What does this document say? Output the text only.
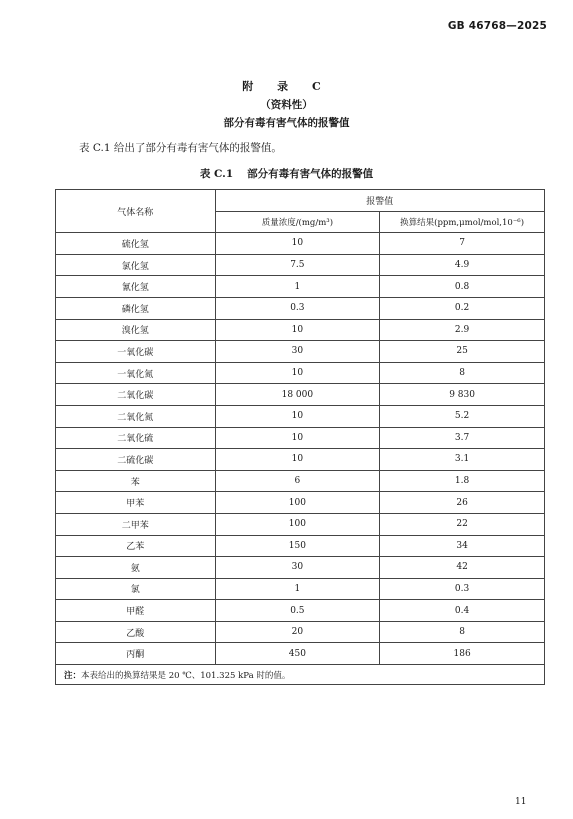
GB 46768—2025
附 录 C
（资料性）
部分有毒有害气体的报警值
表 C.1 给出了部分有毒有害气体的报警值。
表 C.1 部分有毒有害气体的报警值
气体名称	报警值	
	质量浓度/(mg/m³)	换算结果(ppm,μmol/mol,10⁻⁶)
硫化氢	10	7
氯化氢	7.5	4.9
氰化氢	1	0.8
磷化氢	0.3	0.2
溴化氢	10	2.9
一氧化碳	30	25
一氧化氮	10	8
二氧化碳	18 000	9 830
二氧化氮	10	5.2
二氧化硫	10	3.7
二硫化碳	10	3.1
苯	6	1.8
甲苯	100	26
二甲苯	100	22
乙苯	150	34
氨	30	42
氯	1	0.3
甲醛	0.5	0.4
乙酸	20	8
丙酮	450	186
注：本表给出的换算结果是 20 ℃、101.325 kPa 时的值。		
11
